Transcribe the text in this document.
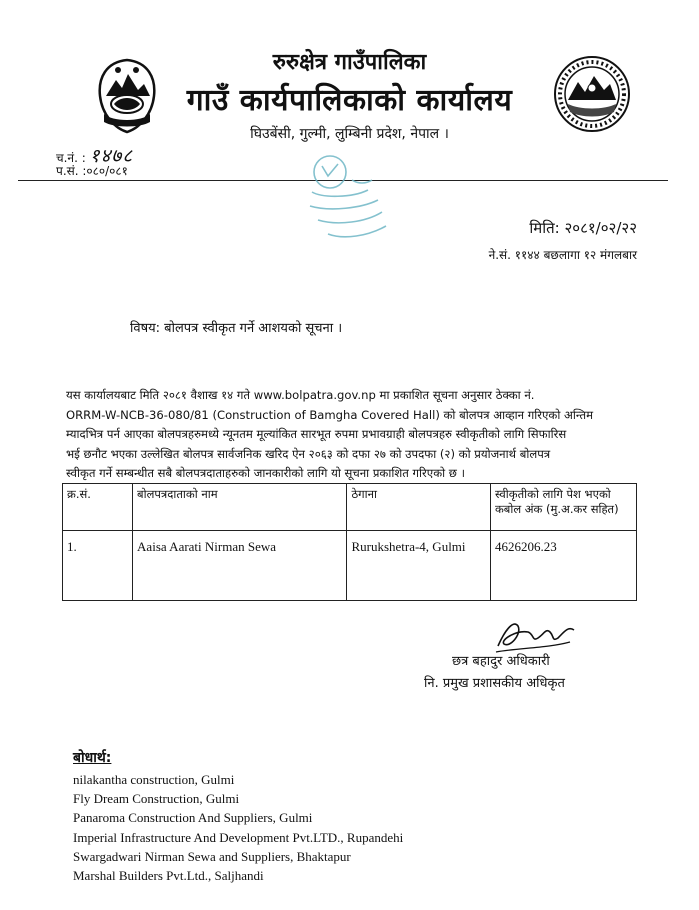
रुरुक्षेत्र गाउँपालिका
गाउँ कार्यपालिकाको कार्यालय
घिउबेंसी, गुल्मी, लुम्बिनी प्रदेश, नेपाल ।
च.नं. : १४७८
प.सं. :०८०/०८१
मिति: २०८१/०२/२२
ने.सं. ११४४ बछलागा १२ मंगलबार
विषय: बोलपत्र स्वीकृत गर्ने आशयको सूचना ।
यस कार्यालयबाट मिति २०८१ वैशाख १४ गते www.bolpatra.gov.np मा प्रकाशित सूचना अनुसार ठेक्का नं.
ORRM-W-NCB-36-080/81 (Construction of Bamgha Covered Hall) को बोलपत्र आव्हान गरिएको अन्तिम
म्यादभित्र पर्न आएका बोलपत्रहरुमध्ये न्यूनतम मूल्यांकित सारभूत रुपमा प्रभावग्राही बोलपत्रहरु स्वीकृतीको लागि सिफारिस
भई छनौट भएका उल्लेखित बोलपत्र सार्वजनिक खरिद ऐन २०६३ को दफा २७ को उपदफा (२) को प्रयोजनार्थ बोलपत्र
स्वीकृत गर्ने सम्बन्धीत सबै बोलपत्रदाताहरुको जानकारीको लागि यो सूचना प्रकाशित गरिएको छ ।
क्र.सं.	बोलपत्रदाताको नाम	ठेगाना	स्वीकृतीको लागि पेश भएको कबोल अंक (मु.अ.कर सहित)
1.	Aaisa Aarati Nirman Sewa	Rurukshetra-4, Gulmi	4626206.23
छत्र बहादुर अधिकारी
नि. प्रमुख प्रशासकीय अधिकृत
बोधार्थ:
nilakantha construction, Gulmi
Fly Dream Construction, Gulmi
Panaroma Construction And Suppliers, Gulmi
Imperial Infrastructure And Development Pvt.LTD., Rupandehi
Swargadwari Nirman Sewa and Suppliers, Bhaktapur
Marshal Builders Pvt.Ltd., Saljhandi
